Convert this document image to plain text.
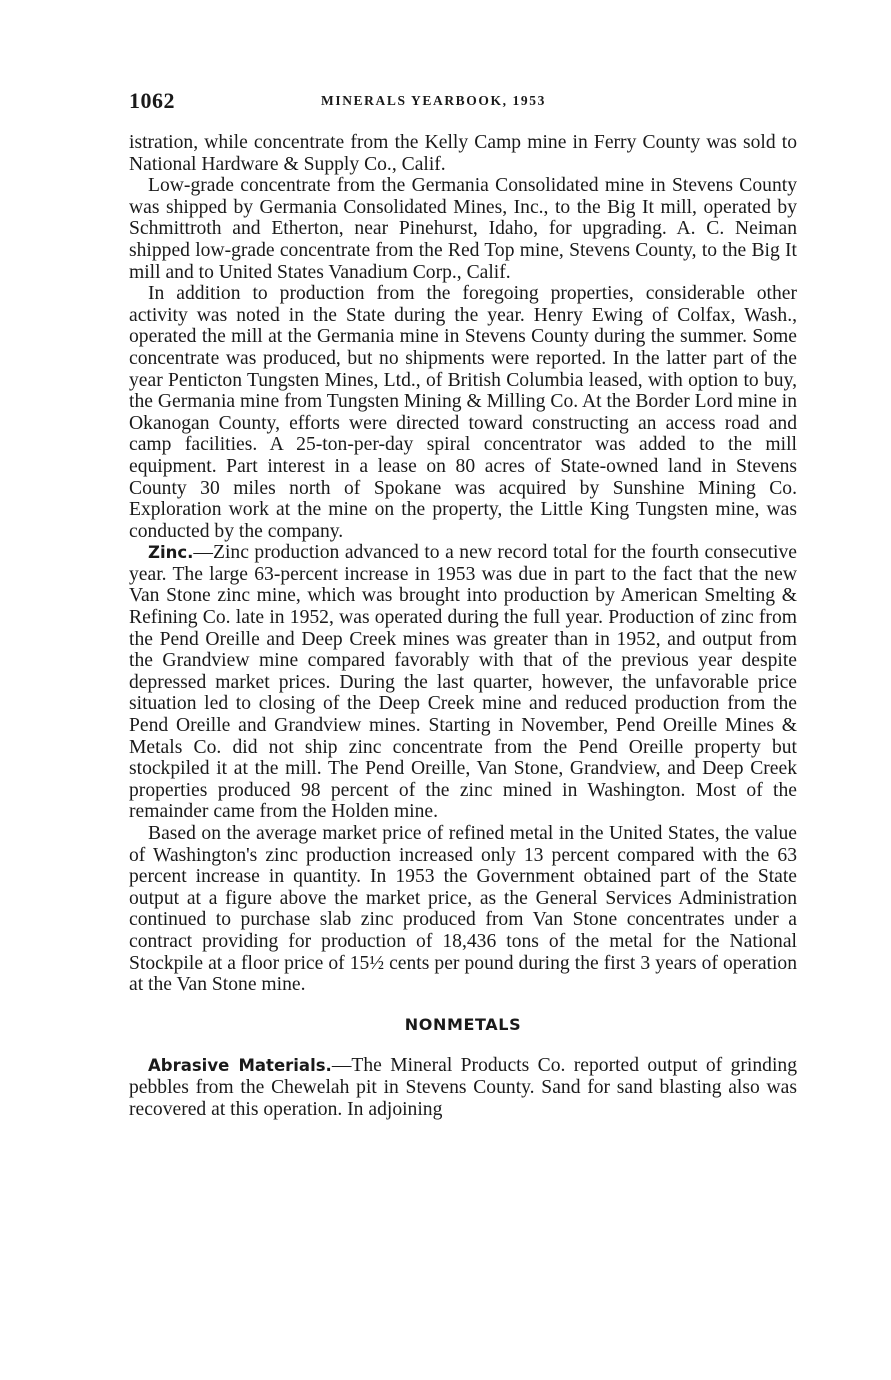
1062	MINERALS YEARBOOK, 1953

istration, while concentrate from the Kelly Camp mine in Ferry County was sold to National Hardware & Supply Co., Calif.

Low-grade concentrate from the Germania Consolidated mine in Stevens County was shipped by Germania Consolidated Mines, Inc., to the Big It mill, operated by Schmittroth and Etherton, near Pinehurst, Idaho, for upgrading. A. C. Neiman shipped low-grade concentrate from the Red Top mine, Stevens County, to the Big It mill and to United States Vanadium Corp., Calif.

In addition to production from the foregoing properties, considerable other activity was noted in the State during the year. Henry Ewing of Colfax, Wash., operated the mill at the Germania mine in Stevens County during the summer. Some concentrate was produced, but no shipments were reported. In the latter part of the year Penticton Tungsten Mines, Ltd., of British Columbia leased, with option to buy, the Germania mine from Tungsten Mining & Milling Co. At the Border Lord mine in Okanogan County, efforts were directed toward constructing an access road and camp facilities. A 25-ton-per-day spiral concentrator was added to the mill equipment. Part interest in a lease on 80 acres of State-owned land in Stevens County 30 miles north of Spokane was acquired by Sunshine Mining Co. Exploration work at the mine on the property, the Little King Tungsten mine, was conducted by the company.

Zinc.—Zinc production advanced to a new record total for the fourth consecutive year. The large 63-percent increase in 1953 was due in part to the fact that the new Van Stone zinc mine, which was brought into production by American Smelting & Refining Co. late in 1952, was operated during the full year. Production of zinc from the Pend Oreille and Deep Creek mines was greater than in 1952, and output from the Grandview mine compared favorably with that of the previous year despite depressed market prices. During the last quarter, however, the unfavorable price situation led to closing of the Deep Creek mine and reduced production from the Pend Oreille and Grandview mines. Starting in November, Pend Oreille Mines & Metals Co. did not ship zinc concentrate from the Pend Oreille property but stockpiled it at the mill. The Pend Oreille, Van Stone, Grandview, and Deep Creek properties produced 98 percent of the zinc mined in Washington. Most of the remainder came from the Holden mine.

Based on the average market price of refined metal in the United States, the value of Washington's zinc production increased only 13 percent compared with the 63 percent increase in quantity. In 1953 the Government obtained part of the State output at a figure above the market price, as the General Services Administration continued to purchase slab zinc produced from Van Stone concentrates under a contract providing for production of 18,436 tons of the metal for the National Stockpile at a floor price of 15½ cents per pound during the first 3 years of operation at the Van Stone mine.

NONMETALS

Abrasive Materials.—The Mineral Products Co. reported output of grinding pebbles from the Chewelah pit in Stevens County. Sand for sand blasting also was recovered at this operation. In adjoining
